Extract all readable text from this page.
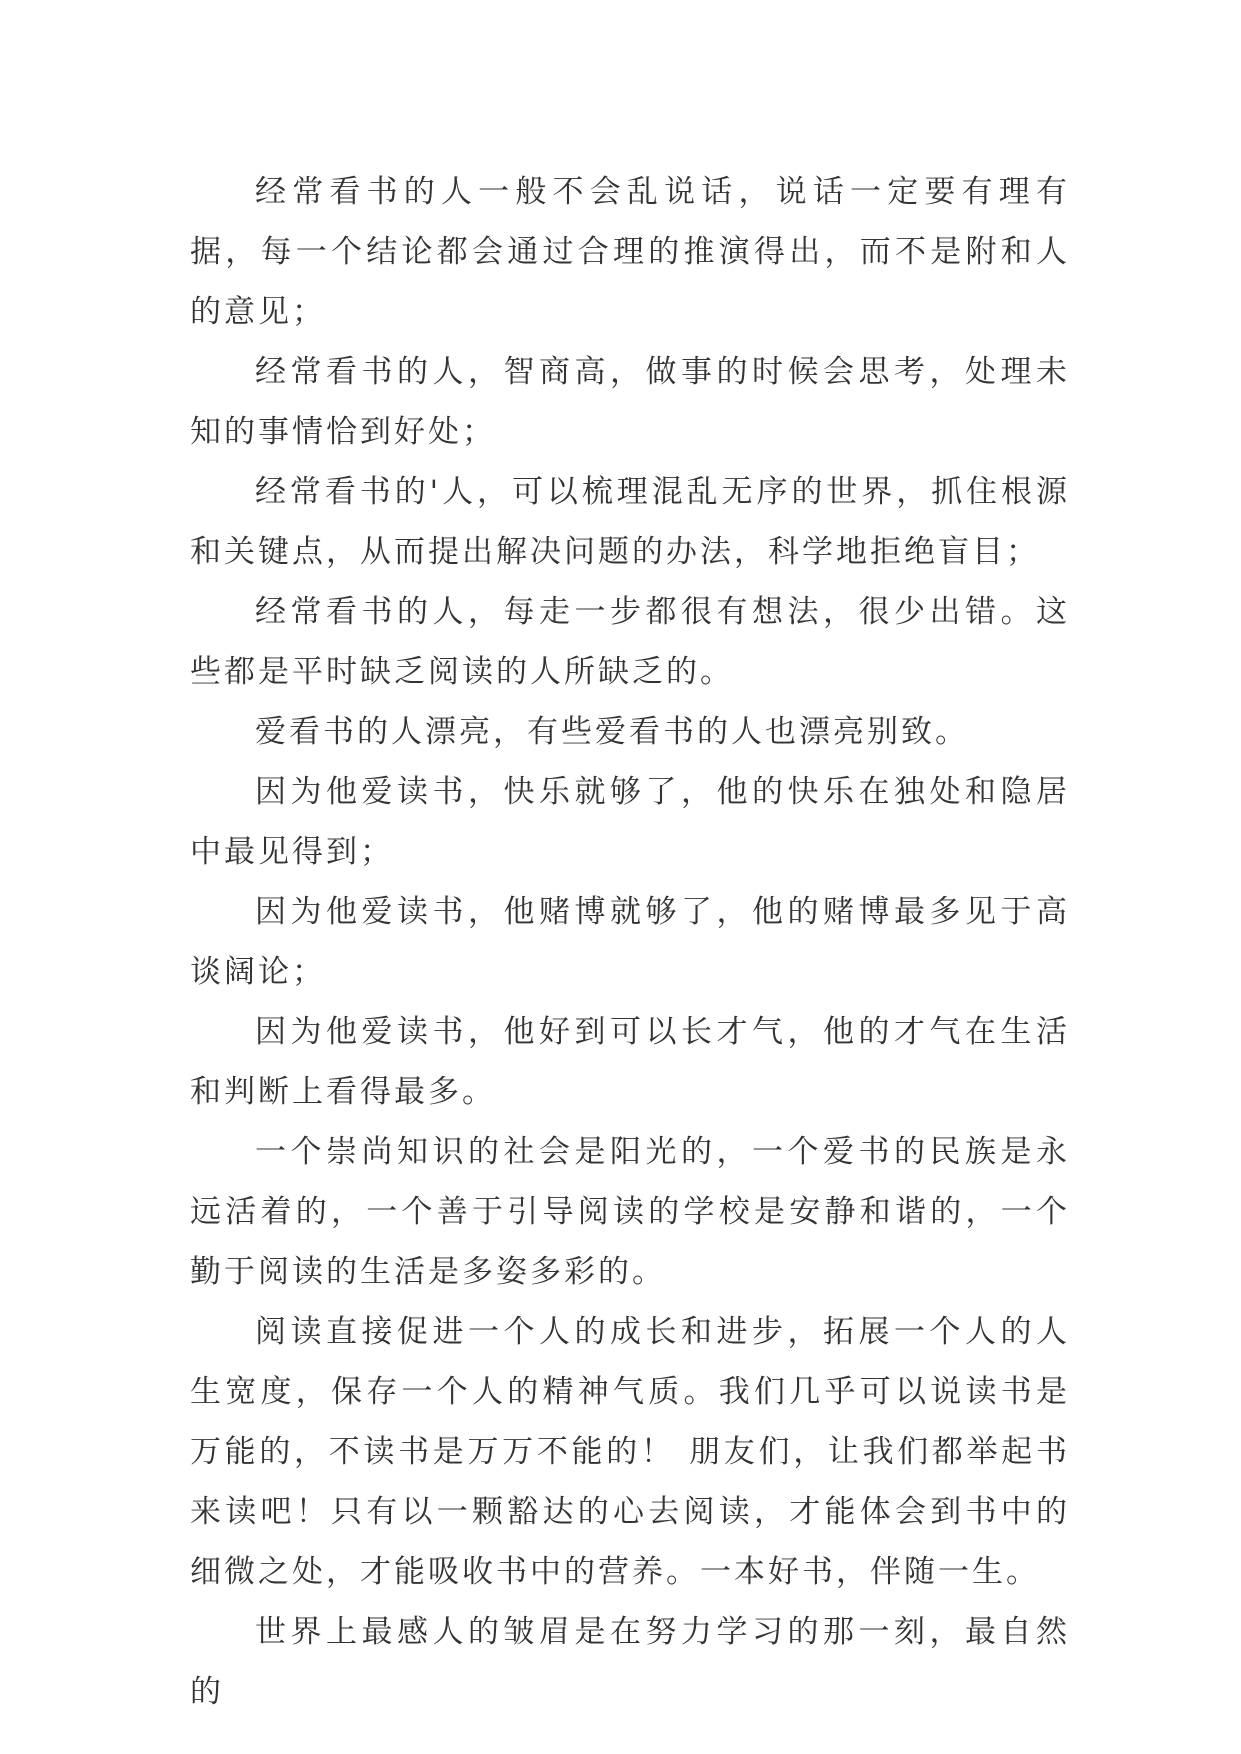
经常看书的人一般不会乱说话，说话一定要有理有据，每一个结论都会通过合理的推演得出，而不是附和人的意见；

经常看书的人，智商高，做事的时候会思考，处理未知的事情恰到好处；

经常看书的'人，可以梳理混乱无序的世界，抓住根源和关键点，从而提出解决问题的办法，科学地拒绝盲目；

经常看书的人，每走一步都很有想法，很少出错。这些都是平时缺乏阅读的人所缺乏的。

爱看书的人漂亮，有些爱看书的人也漂亮别致。

因为他爱读书，快乐就够了，他的快乐在独处和隐居中最见得到；

因为他爱读书，他赌博就够了，他的赌博最多见于高谈阔论；

因为他爱读书，他好到可以长才气，他的才气在生活和判断上看得最多。

一个崇尚知识的社会是阳光的，一个爱书的民族是永远活着的，一个善于引导阅读的学校是安静和谐的，一个勤于阅读的生活是多姿多彩的。

阅读直接促进一个人的成长和进步，拓展一个人的人生宽度，保存一个人的精神气质。我们几乎可以说读书是万能的，不读书是万万不能的！ 朋友们，让我们都举起书来读吧！只有以一颗豁达的心去阅读，才能体会到书中的细微之处，才能吸收书中的营养。一本好书，伴随一生。

世界上最感人的皱眉是在努力学习的那一刻，最自然的
